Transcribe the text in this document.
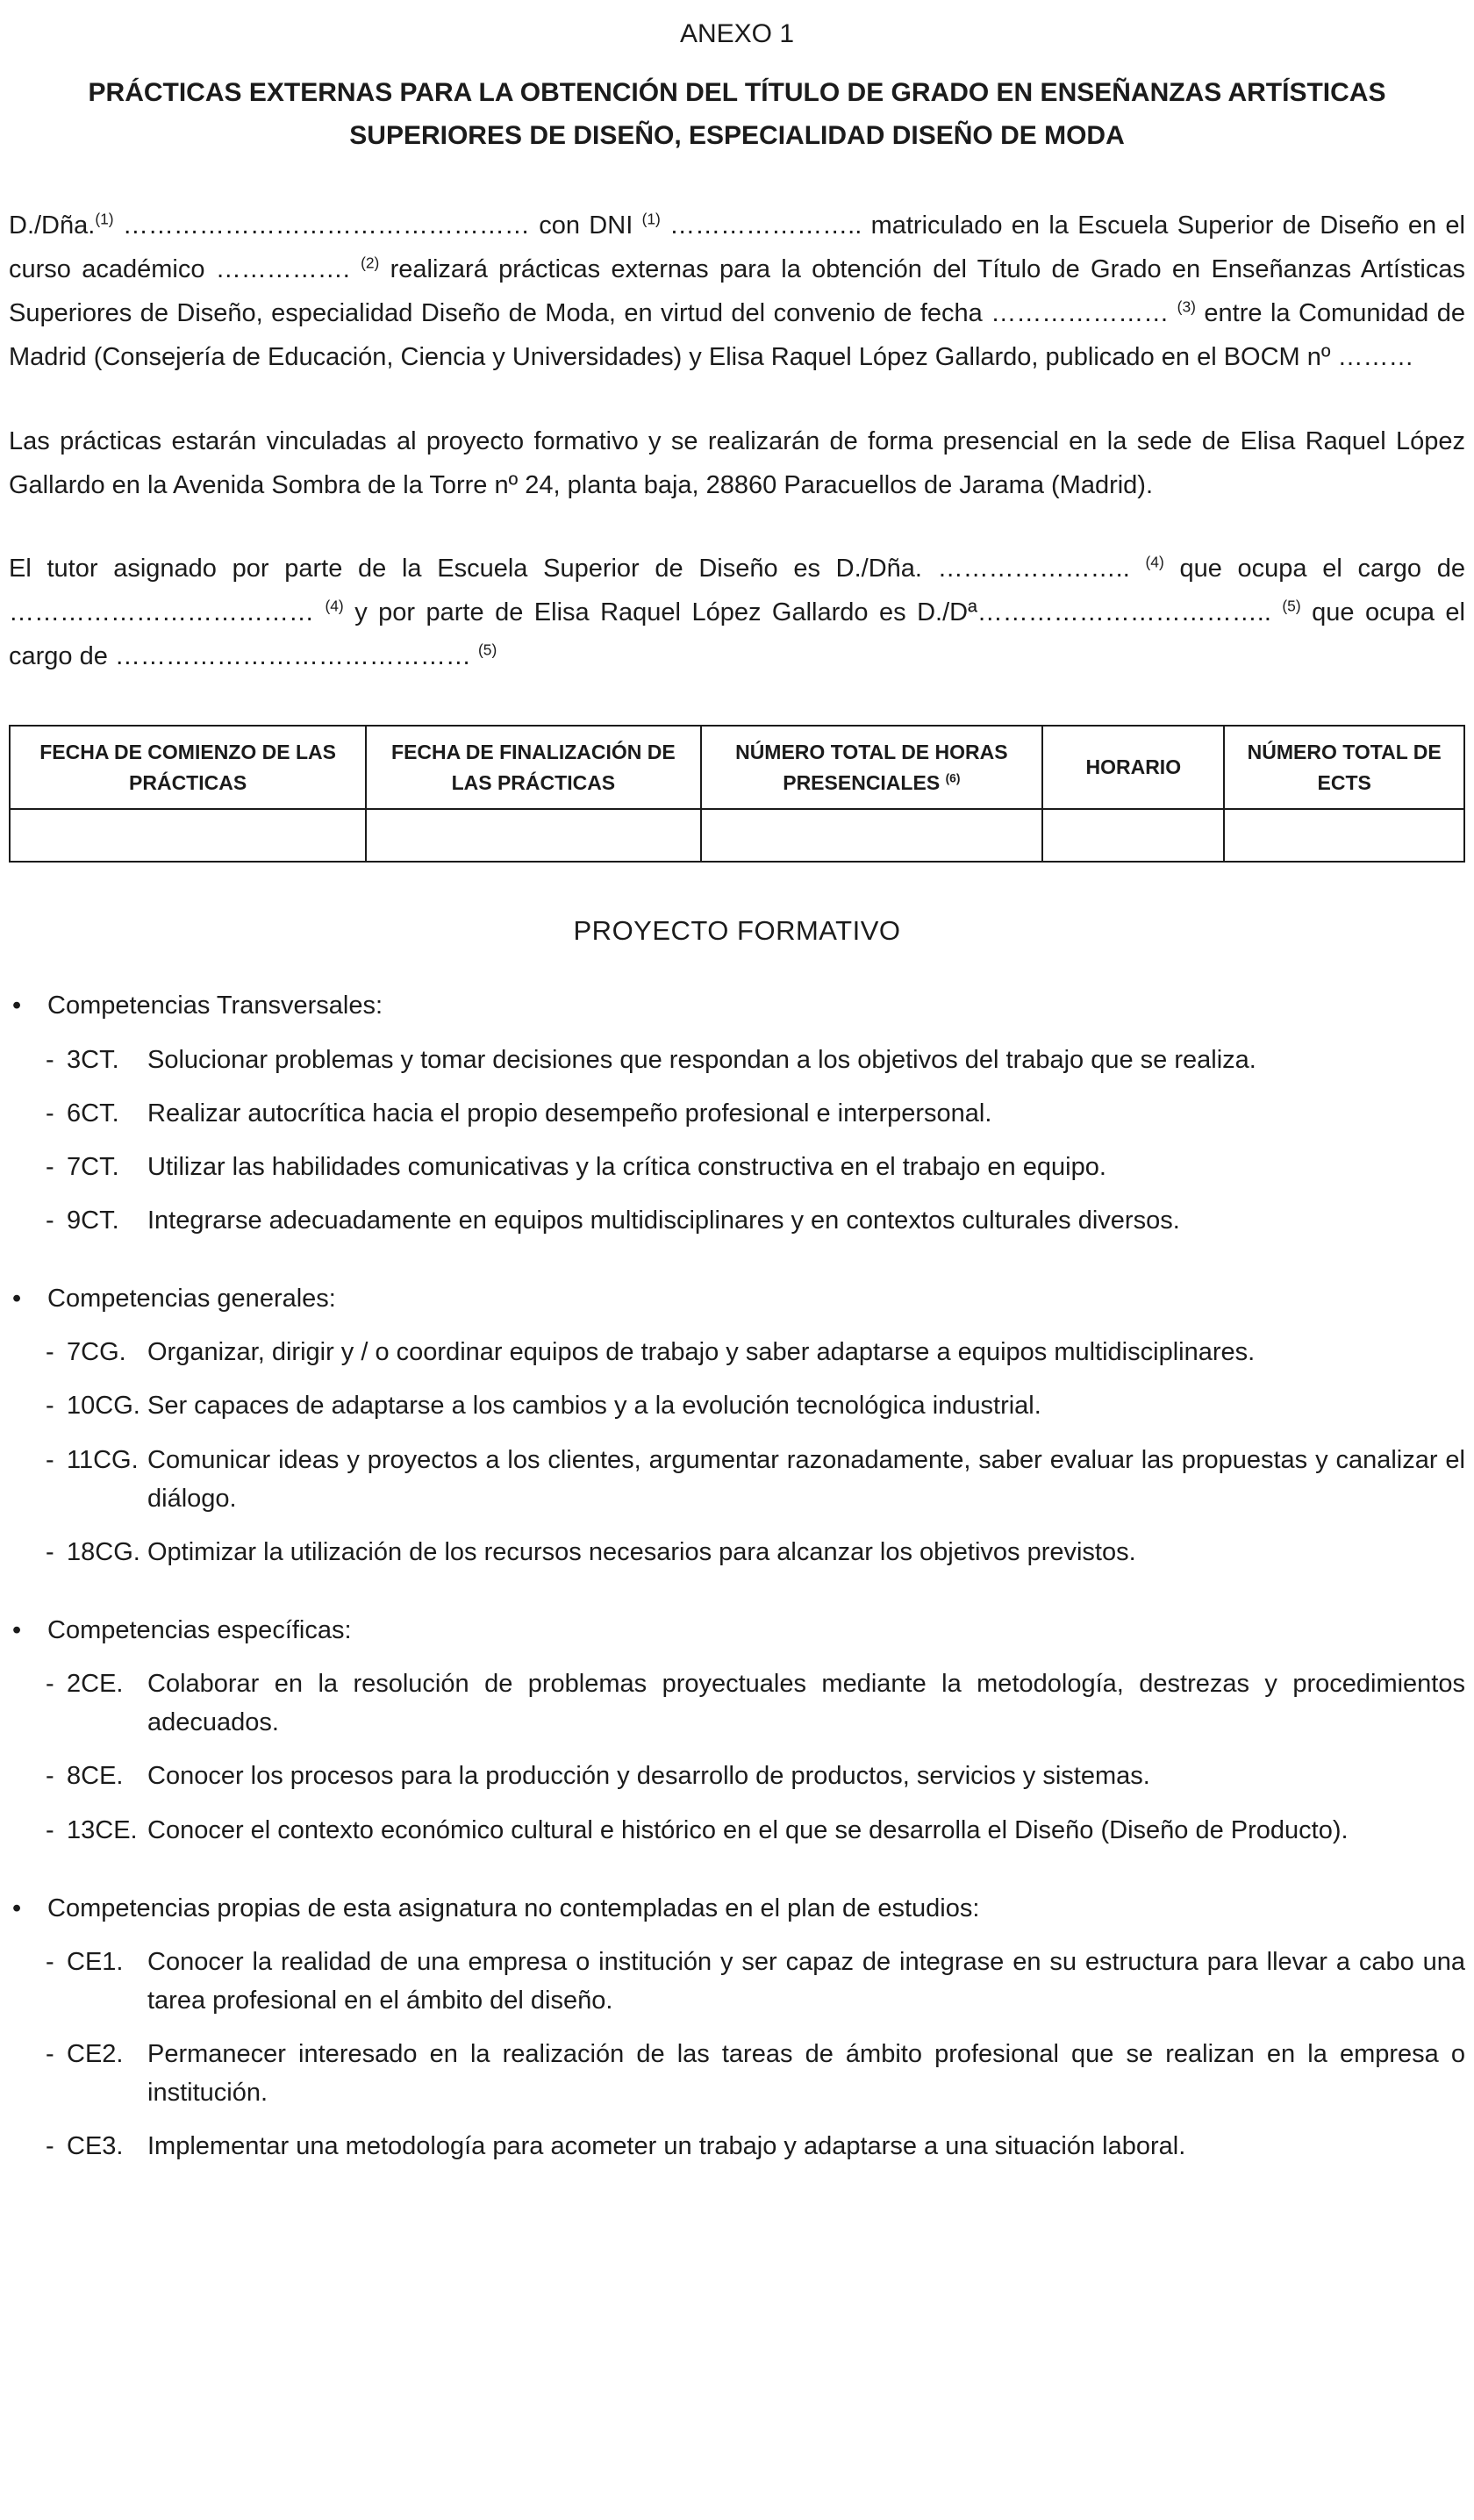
ANEXO 1
PRÁCTICAS EXTERNAS PARA LA OBTENCIÓN DEL TÍTULO DE GRADO EN ENSEÑANZAS ARTÍSTICAS SUPERIORES DE DISEÑO, ESPECIALIDAD DISEÑO DE MODA

D./Dña.$^{(1)}$ ………………………………………… con DNI $^{(1)}$ ………………….. matriculado en la Escuela Superior de Diseño en el curso académico ……………. $^{(2)}$ realizará prácticas externas para la obtención del Título de Grado en Enseñanzas Artísticas Superiores de Diseño, especialidad Diseño de Moda, en virtud del convenio de fecha ………………… $^{(3)}$ entre la Comunidad de Madrid (Consejería de Educación, Ciencia y Universidades) y Elisa Raquel López Gallardo, publicado en el BOCM nº ………

Las prácticas estarán vinculadas al proyecto formativo y se realizarán de forma presencial en la sede de Elisa Raquel López Gallardo en la Avenida Sombra de la Torre nº 24, planta baja, 28860 Paracuellos de Jarama (Madrid).

El tutor asignado por parte de la Escuela Superior de Diseño es D./Dña. ………………….. $^{(4)}$ que ocupa el cargo de ……………………………… $^{(4)}$ y por parte de Elisa Raquel López Gallardo es D./Dª…………………………….. $^{(5)}$ que ocupa el cargo de …………………………………… $^{(5)}$

FECHA DE COMIENZO DE LAS PRÁCTICAS	FECHA DE FINALIZACIÓN DE LAS PRÁCTICAS	NÚMERO TOTAL DE HORAS PRESENCIALES $^{(6)}$	HORARIO	NÚMERO TOTAL DE ECTS

PROYECTO FORMATIVO
•	Competencias Transversales:
- 3CT.	Solucionar problemas y tomar decisiones que respondan a los objetivos del trabajo que se realiza.
- 6CT.	Realizar autocrítica hacia el propio desempeño profesional e interpersonal.
- 7CT.	Utilizar las habilidades comunicativas y la crítica constructiva en el trabajo en equipo.
- 9CT.	Integrarse adecuadamente en equipos multidisciplinares y en contextos culturales diversos.
•	Competencias generales:
- 7CG. Organizar, dirigir y / o coordinar equipos de trabajo y saber adaptarse a equipos multidisciplinares.
- 10CG. Ser capaces de adaptarse a los cambios y a la evolución tecnológica industrial.
- 11CG. Comunicar ideas y proyectos a los clientes, argumentar razonadamente, saber evaluar las propuestas y canalizar el diálogo.
- 18CG. Optimizar la utilización de los recursos necesarios para alcanzar los objetivos previstos.
•	Competencias específicas:
- 2CE. Colaborar en la resolución de problemas proyectuales mediante la metodología, destrezas y procedimientos adecuados.
- 8CE. Conocer los procesos para la producción y desarrollo de productos, servicios y sistemas.
- 13CE. Conocer el contexto económico cultural e histórico en el que se desarrolla el Diseño (Diseño de Producto).
•	Competencias propias de esta asignatura no contempladas en el plan de estudios:
- CE1. Conocer la realidad de una empresa o institución y ser capaz de integrase en su estructura para llevar a cabo una tarea profesional en el ámbito del diseño.
- CE2. Permanecer interesado en la realización de las tareas de ámbito profesional que se realizan en la empresa o institución.
- CE3. Implementar una metodología para acometer un trabajo y adaptarse a una situación laboral.
